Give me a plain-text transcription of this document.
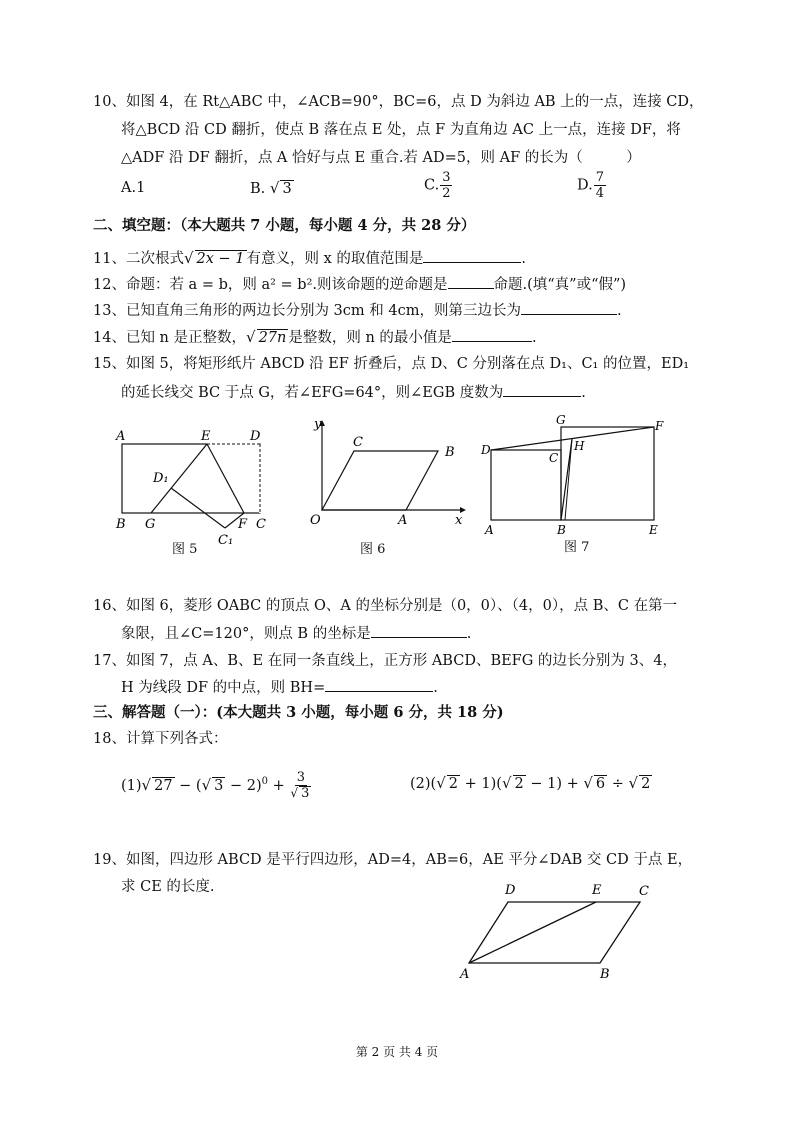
10、如图 4，在 Rt△ABC 中，∠ACB=90°，BC=6，点 D 为斜边 AB 上的一点，连接 CD，
将△BCD 沿 CD 翻折，使点 B 落在点 E 处，点 F 为直角边 AC 上一点，连接 DF，将
△ADF 沿 DF 翻折，点 A 恰好与点 E 重合.若 AD=5，则 AF 的长为（　　　）
A.1	B. √ 3	C. $\frac{3}{2}$	D. $\frac{7}{4}$
二、填空题：（本大题共 7 小题，每小题 4 分，共 28 分）
11、二次根式√ 2x − 1 有意义，则 x 的取值范围是	.
12、命题：若 a = b，则 a² = b².则该命题的逆命题是	命题.(填“真”或“假”)
13、已知直角三角形的两边长分别为 3cm 和 4cm，则第三边长为	.
14、已知 n 是正整数，√ 27n 是整数，则 n 的最小值是	.
15、如图 5，将矩形纸片 ABCD 沿 EF 折叠后，点 D、C 分别落在点 D₁、C₁ 的位置，ED₁
的延长线交 BC 于点 G，若∠EFG=64°，则∠EGB 度数为	.
A	E	D
D₁
B G	F C
C₁
图 5
y
C
B
O	A	x
图 6
G	F
D	H
C
A	B	E
图 7
16、如图 6，菱形 OABC 的顶点 O、A 的坐标分别是（0，0）、（4，0），点 B、C 在第一
象限，且∠C=120°，则点 B 的坐标是	.
17、如图 7，点 A、B、E 在同一条直线上，正方形 ABCD、BEFG 的边长分别为 3、4，
H 为线段 DF 的中点，则 BH=	.
三、解答题（一）：(本大题共 3 小题，每小题 6 分，共 18 分)
18、计算下列各式：
(1)√ 27 − (√ $3 - 2)^0 + \frac{3}{√ 3}$	(2)(√ 2 + 1)(√ 2 − 1) + √ 6 ÷ √ 2
19、如图，四边形 ABCD 是平行四边形，AD=4，AB=6，AE 平分∠DAB 交 CD 于点 E，
求 CE 的长度.	D	E	C
A	B
第 2 页 共 4 页
